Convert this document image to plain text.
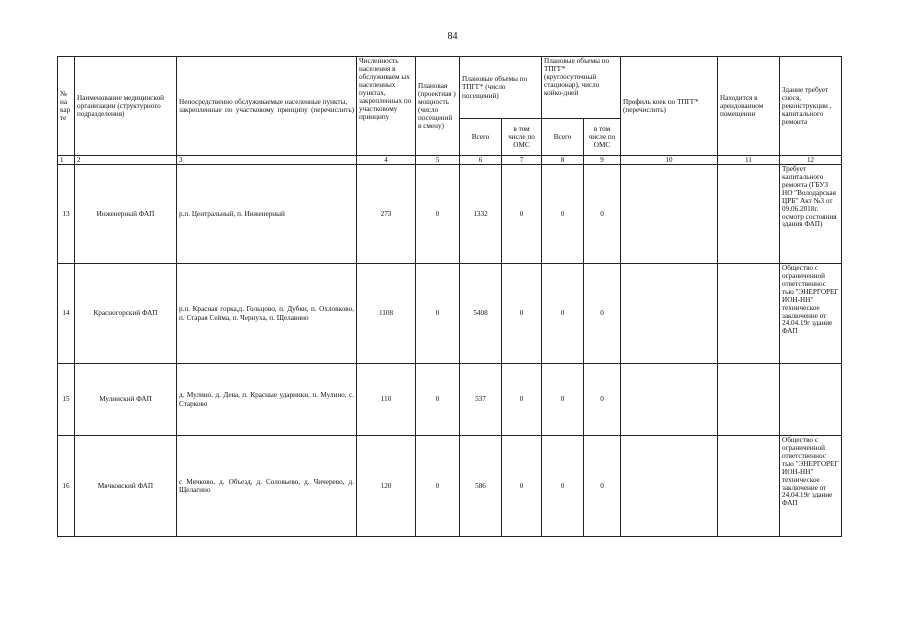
84
№ на кар те	Наименование медицинской организации (структурного подразделения)	Непосредственно обслуживаемые населенные пункты, закрепленные по участковому принципу (перечислить)	Численность населения в обслуживаем ых населенных пунктах, закрепленных по участковому принципу	Плановая (проектная ) мощность (число посещений в смену)	Плановые объемы по ТПГГ* (число посещений)		Плановые объемы по ТПГГ* (круглосуточный стационар), число койко-дней		Профиль коек по ТПГГ* (перечислить)	Находится в арендованном помещении	Здание требует снося, реконструкции , капитального ремонта
					Всего	в том числе по ОМС	Всего	в том числе по ОМС			
1	2	3	4	5	6	7	8	9	10	11	12
13	Инженерный ФАП	р.п. Центральный, п. Инженерный	273	0	1332	0	0	0			Требует капитального ремонта (ГБУЗ НО "Володарская ЦРБ" Акт №3 от 09.06.2018г. осмотр состояния здания ФАП)
14	Красногорский ФАП	р.п. Красная горка,д. Гольцово, п. Дубки, п. Охловково, п. Старая Сейма, п. Чернуха, п. Щелавино	1108	0	5408	0	0	0			Общество с ограниченной ответственнос тью "ЭНЕРГОРЕГ ИОН-НН" техническое заключение от 24.04.19г здание ФАП
15	Мулинский ФАП	д. Мулино, д. Дева, п. Красные ударники, п. Мулино, с. Старково	110	0	537	0	0	0			
16	Мячковский ФАП	с Мячково, д. Объезд, д. Соловьево, д. Чичерево, д. Щелагино	120	0	586	0	0	0			Общество с ограниченной ответственнос тью "ЭНЕРГОРЕГ ИОН-НН" техническое заключение от 24.04.19г здание ФАП
